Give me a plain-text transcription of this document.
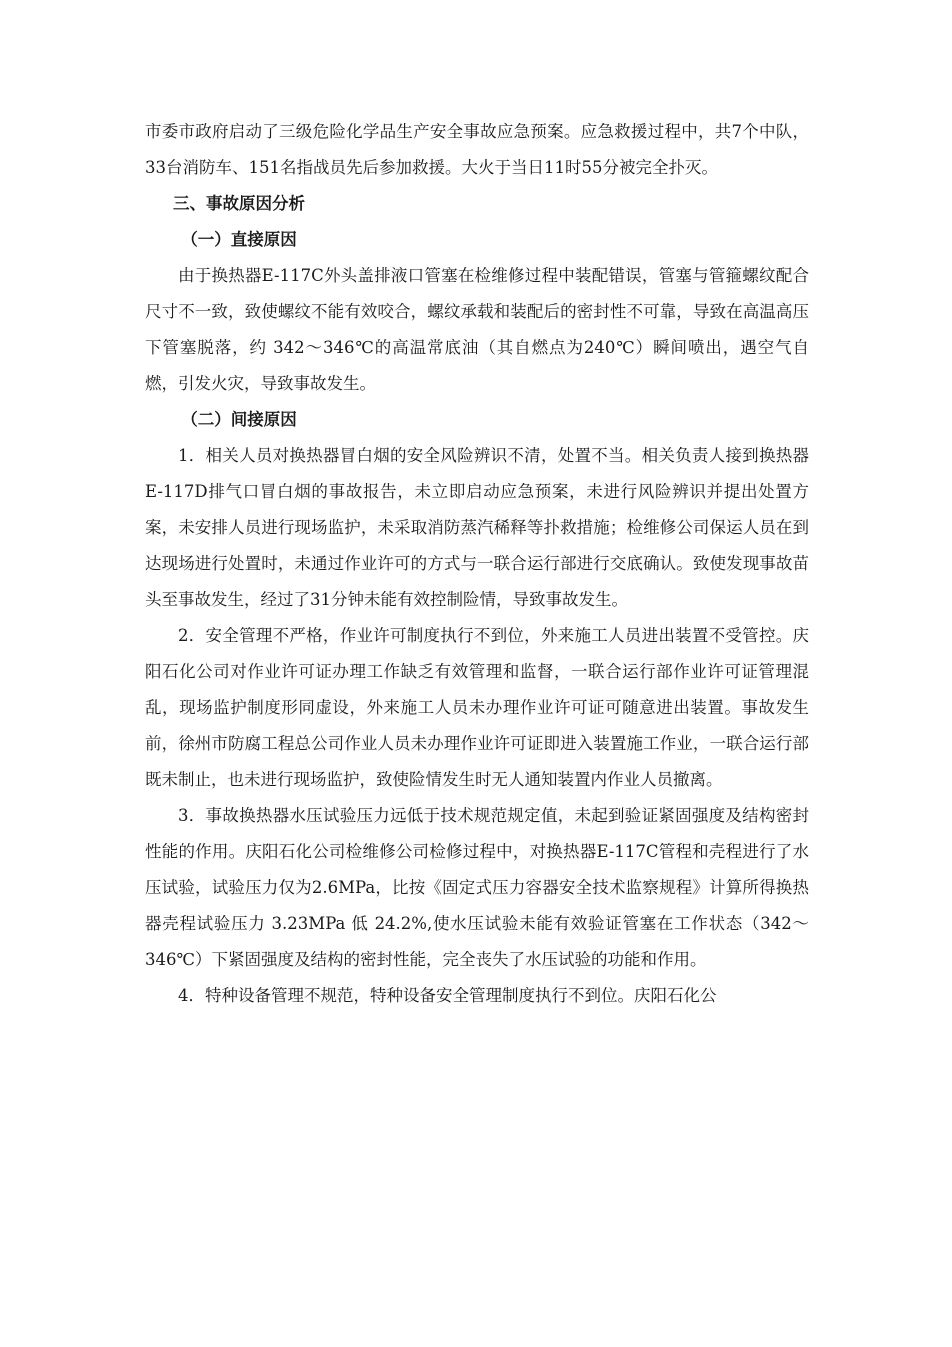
市委市政府启动了三级危险化学品生产安全事故应急预案。应急救援过程中，共7个中队，33台消防车、151名指战员先后参加救援。大火于当日11时55分被完全扑灭。

三、事故原因分析

（一）直接原因

由于换热器E-117C外头盖排液口管塞在检维修过程中装配错误，管塞与管箍螺纹配合尺寸不一致，致使螺纹不能有效咬合，螺纹承载和装配后的密封性不可靠，导致在高温高压下管塞脱落，约 342～346℃的高温常底油（其自燃点为240℃）瞬间喷出，遇空气自燃，引发火灾，导致事故发生。

（二）间接原因

1．相关人员对换热器冒白烟的安全风险辨识不清，处置不当。相关负责人接到换热器E-117D排气口冒白烟的事故报告，未立即启动应急预案，未进行风险辨识并提出处置方案，未安排人员进行现场监护，未采取消防蒸汽稀释等扑救措施；检维修公司保运人员在到达现场进行处置时，未通过作业许可的方式与一联合运行部进行交底确认。致使发现事故苗头至事故发生，经过了31分钟未能有效控制险情，导致事故发生。

2．安全管理不严格，作业许可制度执行不到位，外来施工人员进出装置不受管控。庆阳石化公司对作业许可证办理工作缺乏有效管理和监督，一联合运行部作业许可证管理混乱，现场监护制度形同虚设，外来施工人员未办理作业许可证可随意进出装置。事故发生前，徐州市防腐工程总公司作业人员未办理作业许可证即进入装置施工作业，一联合运行部既未制止，也未进行现场监护，致使险情发生时无人通知装置内作业人员撤离。

3．事故换热器水压试验压力远低于技术规范规定值，未起到验证紧固强度及结构密封性能的作用。庆阳石化公司检维修公司检修过程中，对换热器E-117C管程和壳程进行了水压试验，试验压力仅为2.6MPa，比按《固定式压力容器安全技术监察规程》计算所得换热器壳程试验压力 3.23MPa 低 24.2%,使水压试验未能有效验证管塞在工作状态（342～346℃）下紧固强度及结构的密封性能，完全丧失了水压试验的功能和作用。

4．特种设备管理不规范，特种设备安全管理制度执行不到位。庆阳石化公
